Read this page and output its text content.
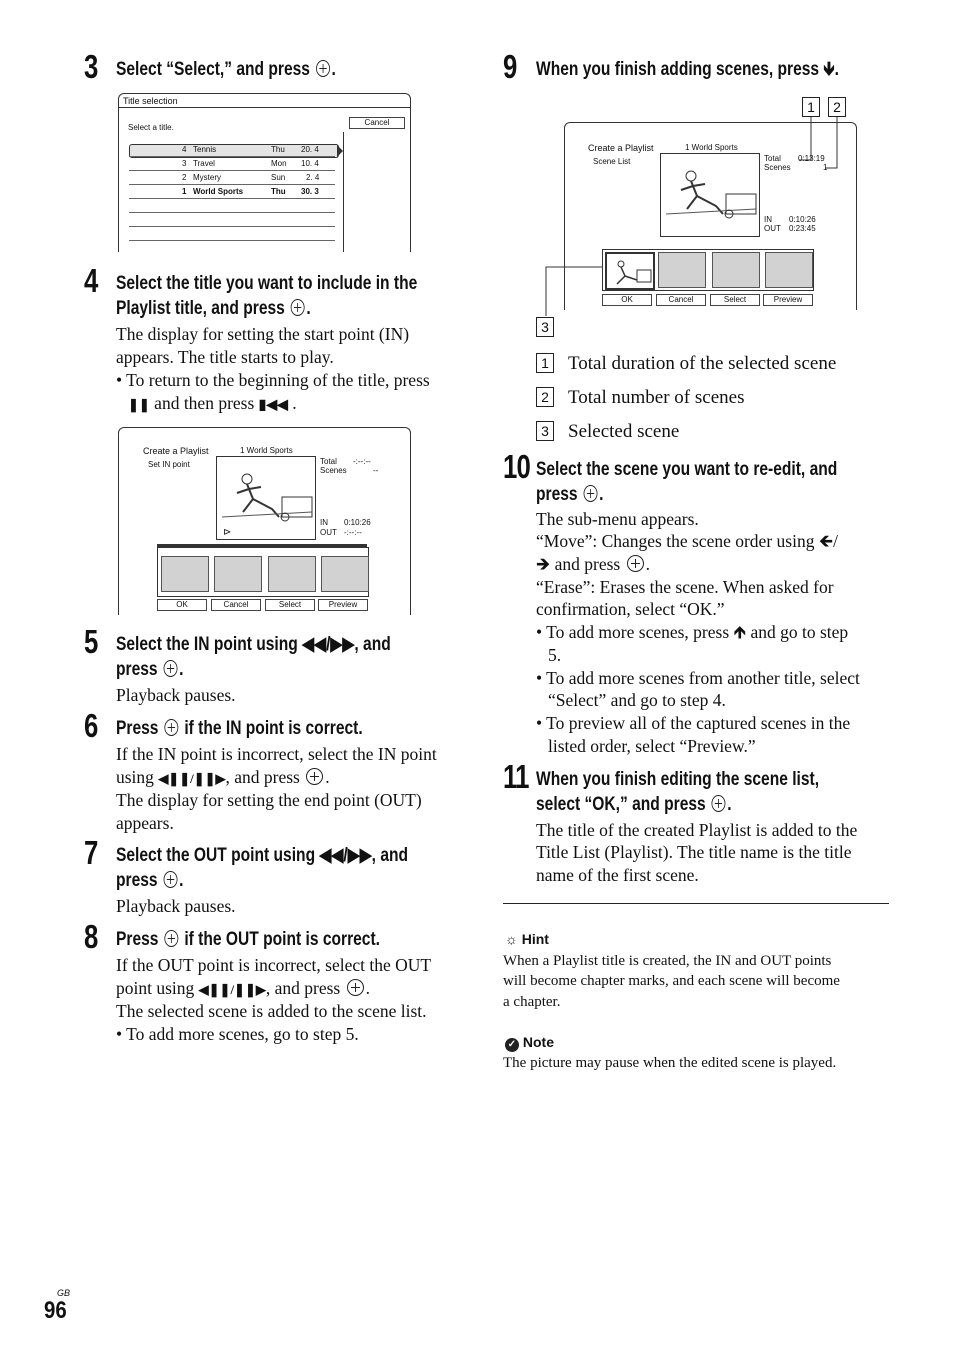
3 Select “Select,” and press .
Title selection
Select a title.
Cancel
4 Tennis	Thu 20. 4
3 Travel	Mon 10. 4
2 Mystery	Sun	2. 4
1 World Sports	Thu 30. 3
4 Select the title you want to include in the
Playlist title, and press .
The display for setting the start point (IN)
appears. The title starts to play.
• To return to the beginning of the title, press
❚❚ and then press ▮◀◀ .
Create a Playlist	1 World Sports
Set IN point	Total -:--:--
Scenes	--
⊳
IN 0:10:26
OUT -:--:--
OK	Cancel	Select	Preview
5 Select the IN point using ◀◀/▶▶, and
press .
Playback pauses.
6 Press if the IN point is correct.
If the IN point is incorrect, select the IN point
using ◀❚❚/❚❚▶, and press .
The display for setting the end point (OUT)
appears.
7 Select the OUT point using ◀◀/▶▶, and
press .
Playback pauses.
8 Press if the OUT point is correct.
If the OUT point is incorrect, select the OUT
point using ◀❚❚/❚❚▶, and press .
The selected scene is added to the scene list.
• To add more scenes, go to step 5.
9 When you finish adding scenes, press 🡻.
1	2
3
Create a Playlist	1 World Sports
Scene List	Total 0:13:19
Scenes	1
IN 0:10:26
OUT 0:23:45
OK	Cancel	Select	Preview
1 Total duration of the selected scene
2 Total number of scenes
3 Selected scene
10 Select the scene you want to re-edit, and
press .
The sub-menu appears.
“Move”: Changes the scene order using 🡸/
🡺 and press .
“Erase”: Erases the scene. When asked for
confirmation, select “OK.”
• To add more scenes, press 🡹 and go to step
5.
• To add more scenes from another title, select
“Select” and go to step 4.
• To preview all of the captured scenes in the
listed order, select “Preview.”
11 When you finish editing the scene list,
select “OK,” and press .
The title of the created Playlist is added to the
Title List (Playlist). The title name is the title
name of the first scene.
☼ Hint
When a Playlist title is created, the IN and OUT points
will become chapter marks, and each scene will become
a chapter.
✓ Note
The picture may pause when the edited scene is played.
GB
96
